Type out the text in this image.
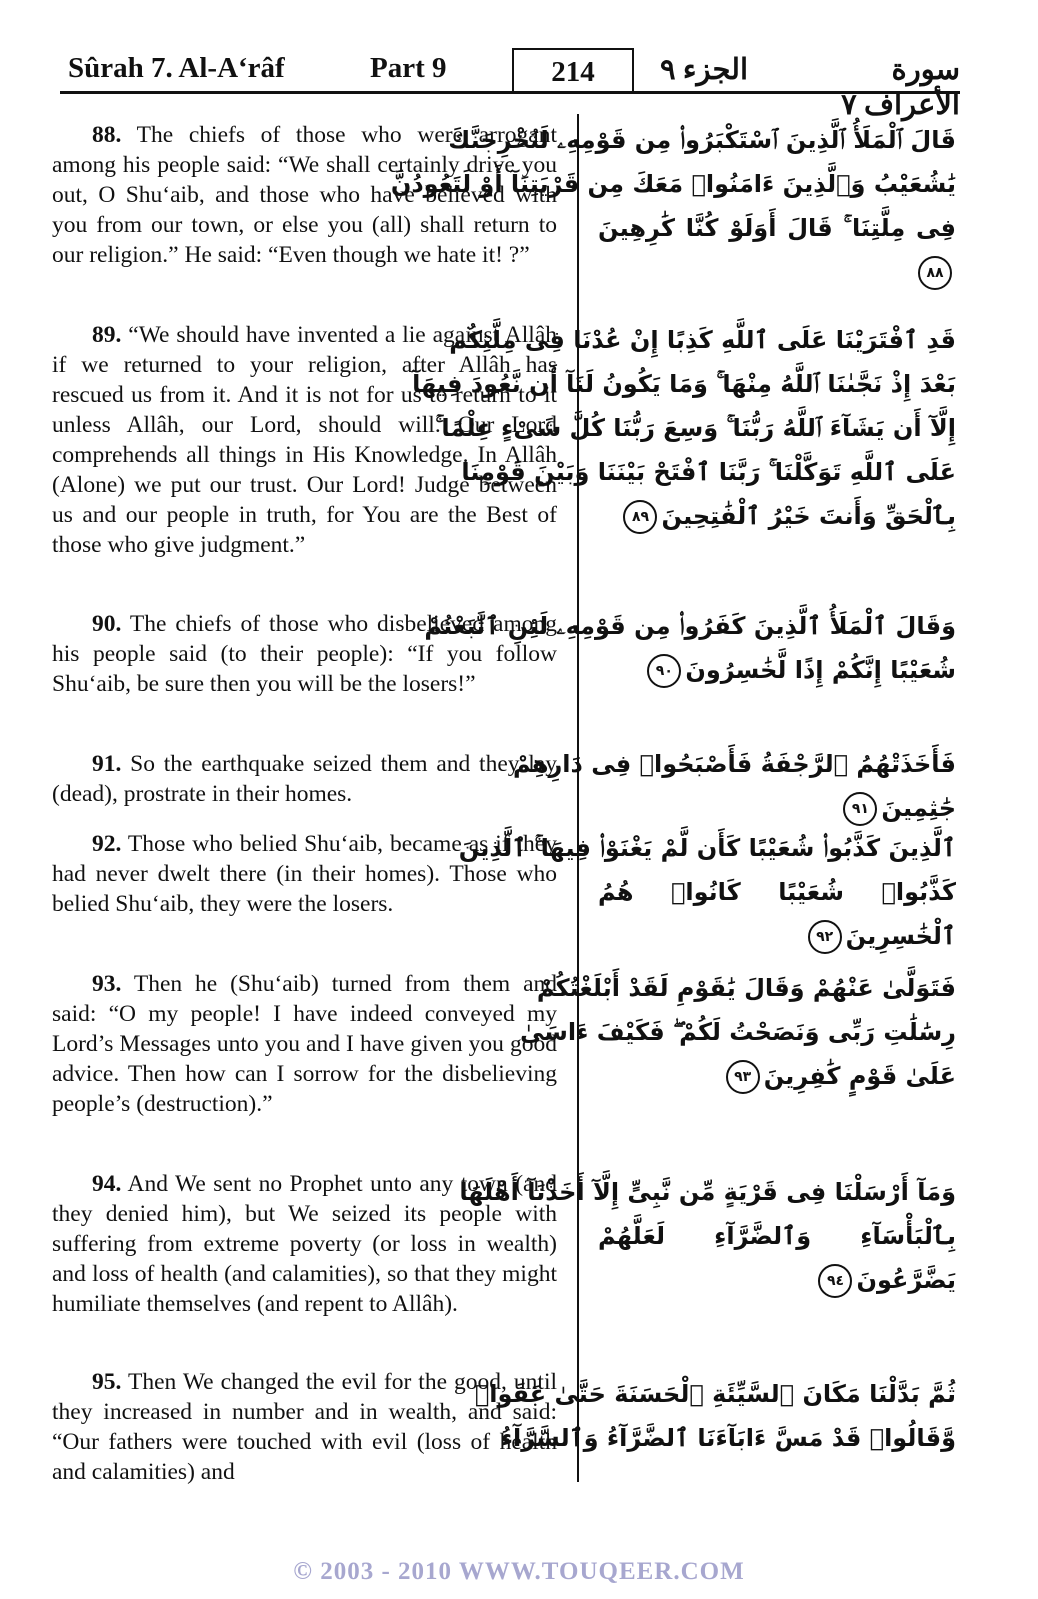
Sûrah 7. Al-A‘râf	Part 9	214	الجزء ٩	سورة الأعراف ٧

88. The chiefs of those who were arrogant among his people said: “We shall certainly drive you out, O Shu‘aib, and those who have believed with you from our town, or else you (all) shall return to our religion.” He said: “Even though we hate it! ?”

89. “We should have invented a lie against Allâh if we returned to your religion, after Allâh has rescued us from it. And it is not for us to return to it unless Allâh, our Lord, should will. Our Lord comprehends all things in His Knowledge. In Allâh (Alone) we put our trust. Our Lord! Judge between us and our people in truth, for You are the Best of those who give judgment.”

90. The chiefs of those who disbelieved among his people said (to their people): “If you follow Shu‘aib, be sure then you will be the losers!”

91. So the earthquake seized them and they lay (dead), prostrate in their homes.

92. Those who belied Shu‘aib, became as if they had never dwelt there (in their homes). Those who belied Shu‘aib, they were the losers.

93. Then he (Shu‘aib) turned from them and said: “O my people! I have indeed conveyed my Lord’s Messages unto you and I have given you good advice. Then how can I sorrow for the disbelieving people’s (destruction).”

94. And We sent no Prophet unto any town (and they denied him), but We seized its people with suffering from extreme poverty (or loss in wealth) and loss of health (and calamities), so that they might humiliate themselves (and repent to Allâh).

95. Then We changed the evil for the good, until they increased in number and in wealth, and said: “Our fathers were touched with evil (loss of health and calamities) and

قَالَ ٱلْمَلَأُ ٱلَّذِينَ ٱسْتَكْبَرُوا۟ مِن قَوْمِهِۦ لَنُخْرِجَنَّكَ
يَٰشُعَيْبُ وَٱلَّذِينَ ءَامَنُوا۟ مَعَكَ مِن قَرْيَتِنَآ أَوْ لَتَعُودُنَّ
فِى مِلَّتِنَا ۚ قَالَ أَوَلَوْ كُنَّا كَٰرِهِينَ٨٨
قَدِ ٱفْتَرَيْنَا عَلَى ٱللَّهِ كَذِبًا إِنْ عُدْنَا فِى مِلَّتِكُم
بَعْدَ إِذْ نَجَّىٰنَا ٱللَّهُ مِنْهَا ۚ وَمَا يَكُونُ لَنَآ أَن نَّعُودَ فِيهَآ
إِلَّآ أَن يَشَآءَ ٱللَّهُ رَبُّنَا ۚ وَسِعَ رَبُّنَا كُلَّ شَىْءٍ عِلْمًا ۚ
عَلَى ٱللَّهِ تَوَكَّلْنَا ۚ رَبَّنَا ٱفْتَحْ بَيْنَنَا وَبَيْنَ قَوْمِنَا
بِٱلْحَقِّ وَأَنتَ خَيْرُ ٱلْفَٰتِحِينَ٨٩
وَقَالَ ٱلْمَلَأُ ٱلَّذِينَ كَفَرُوا۟ مِن قَوْمِهِۦ لَئِنِ ٱتَّبَعْتُمْ
شُعَيْبًا إِنَّكُمْ إِذًا لَّخَٰسِرُونَ٩٠
فَأَخَذَتْهُمُ ٱلرَّجْفَةُ فَأَصْبَحُوا۟ فِى دَارِهِمْ
جَٰثِمِينَ٩١
ٱلَّذِينَ كَذَّبُوا۟ شُعَيْبًا كَأَن لَّمْ يَغْنَوْا۟ فِيهَا ۚ ٱلَّذِينَ
كَذَّبُوا۟ شُعَيْبًا كَانُوا۟ هُمُ ٱلْخَٰسِرِينَ٩٢
فَتَوَلَّىٰ عَنْهُمْ وَقَالَ يَٰقَوْمِ لَقَدْ أَبْلَغْتُكُمْ
رِسَٰلَٰتِ رَبِّى وَنَصَحْتُ لَكُمْ ۖ فَكَيْفَ ءَاسَىٰ
عَلَىٰ قَوْمٍ كَٰفِرِينَ٩٣
وَمَآ أَرْسَلْنَا فِى قَرْيَةٍ مِّن نَّبِىٍّ إِلَّآ أَخَذْنَآ أَهْلَهَا
بِٱلْبَأْسَآءِ وَٱلضَّرَّآءِ لَعَلَّهُمْ يَضَّرَّعُونَ٩٤
ثُمَّ بَدَّلْنَا مَكَانَ ٱلسَّيِّئَةِ ٱلْحَسَنَةَ حَتَّىٰ عَفَوا۟
وَّقَالُوا۟ قَدْ مَسَّ ءَابَآءَنَا ٱلضَّرَّآءُ وَٱلسَّرَّآءُ
© 2003 - 2010 WWW.TOUQEER.COM
